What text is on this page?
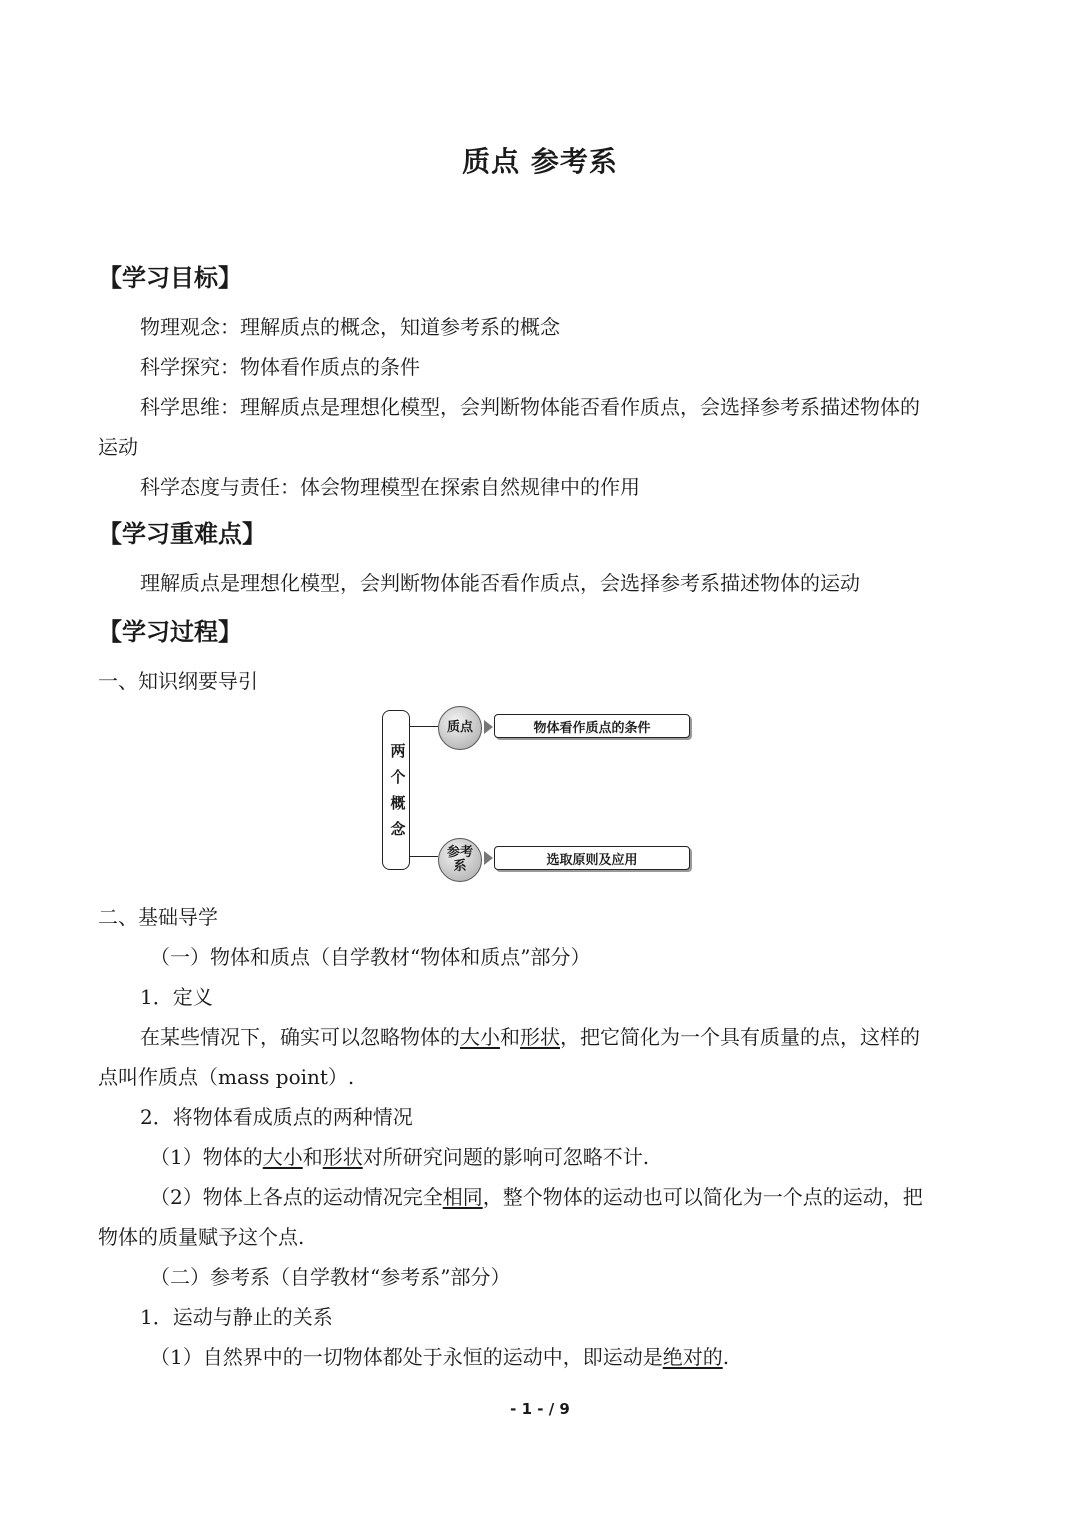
质点 参考系
【学习目标】
物理观念：理解质点的概念，知道参考系的概念
科学探究：物体看作质点的条件
科学思维：理解质点是理想化模型，会判断物体能否看作质点，会选择参考系描述物体的
运动
科学态度与责任：体会物理模型在探索自然规律中的作用
【学习重难点】
理解质点是理想化模型，会判断物体能否看作质点，会选择参考系描述物体的运动
【学习过程】
一、知识纲要导引
两
个
概
念
质点	物体看作质点的条件
参考
系	选取原则及应用
二、基础导学
（一）物体和质点（自学教材“物体和质点”部分）
1．定义
在某些情况下，确实可以忽略物体的大小和形状，把它简化为一个具有质量的点，这样的
点叫作质点（mass point）.
2．将物体看成质点的两种情况
（1）物体的大小和形状对所研究问题的影响可忽略不计.
（2）物体上各点的运动情况完全相同，整个物体的运动也可以简化为一个点的运动，把
物体的质量赋予这个点.
（二）参考系（自学教材“参考系”部分）
1．运动与静止的关系
（1）自然界中的一切物体都处于永恒的运动中，即运动是绝对的.
- 1 - / 9
